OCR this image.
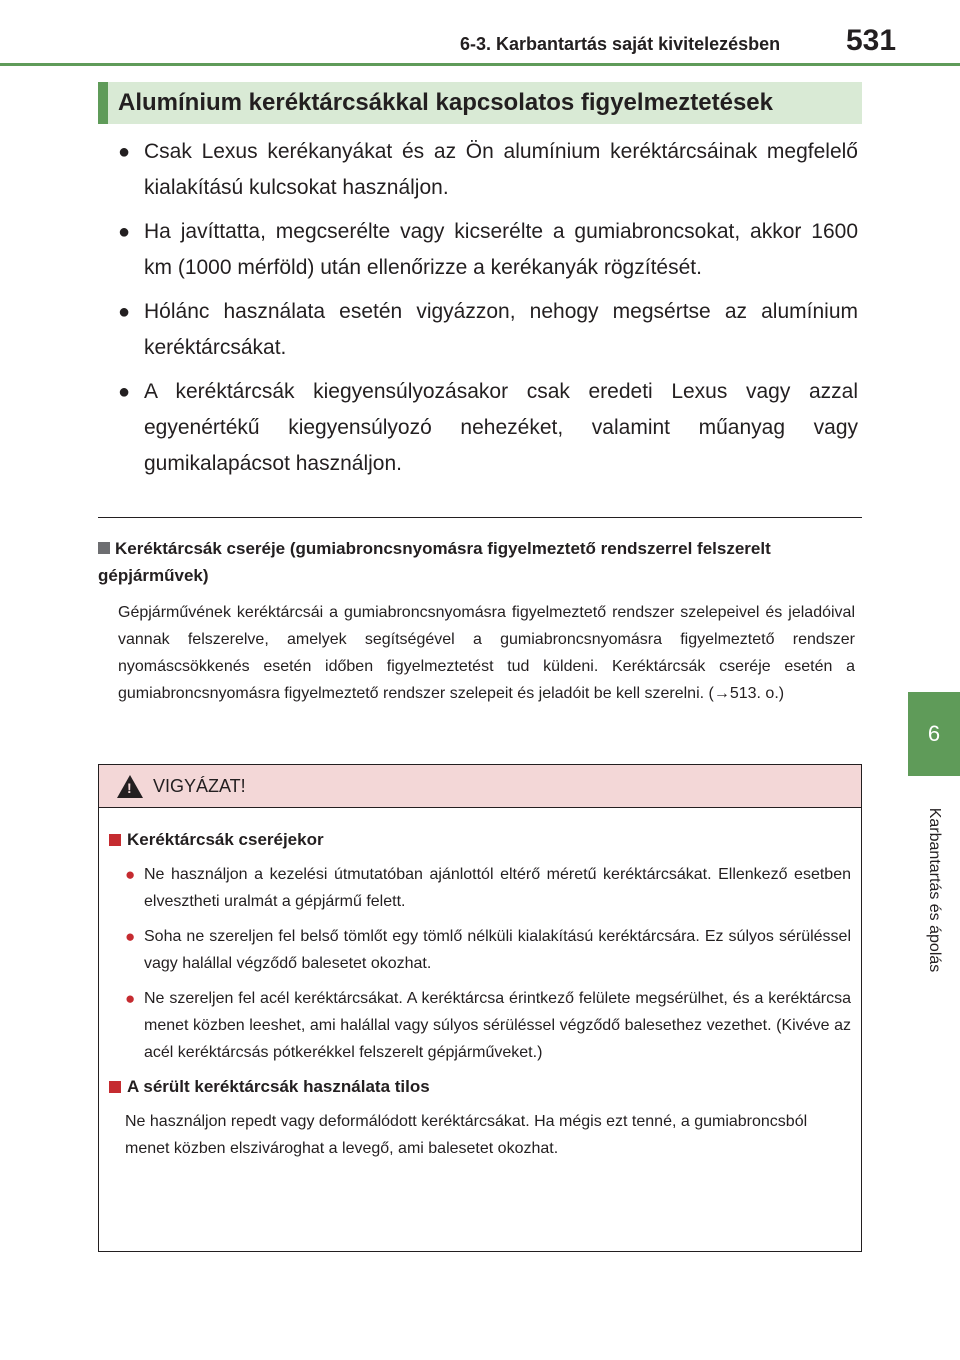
6-3. Karbantartás saját kivitelezésben 531
6
Karbantartás és ápolás
Alumínium keréktárcsákkal kapcsolatos figyelmeztetések
● Csak Lexus kerékanyákat és az Ön alumínium keréktárcsáinak megfelelő kialakítású kulcsokat használjon.
● Ha javíttatta, megcserélte vagy kicserélte a gumiabroncsokat, akkor 1600 km (1000 mérföld) után ellenőrizze a kerékanyák rögzítését.
● Hólánc használata esetén vigyázzon, nehogy megsértse az alumínium keréktárcsákat.
● A keréktárcsák kiegyensúlyozásakor csak eredeti Lexus vagy azzal egyenértékű kiegyensúlyozó nehezéket, valamint műanyag vagy gumikalapácsot használjon.
Keréktárcsák cseréje (gumiabroncsnyomásra figyelmeztető rendszerrel felszerelt gépjárművek)
Gépjárművének keréktárcsái a gumiabroncsnyomásra figyelmeztető rendszer szelepeivel és jeladóival vannak felszerelve, amelyek segítségével a gumiabroncsnyomásra figyelmeztető rendszer nyomáscsökkenés esetén időben figyelmeztetést tud küldeni. Keréktárcsák cseréje esetén a gumiabroncsnyomásra figyelmeztető rendszer szelepeit és jeladóit be kell szerelni. (→513. o.)
!
VIGYÁZAT!
Keréktárcsák cseréjekor
● Ne használjon a kezelési útmutatóban ajánlottól eltérő méretű keréktárcsákat. Ellenkező esetben elvesztheti uralmát a gépjármű felett.
● Soha ne szereljen fel belső tömlőt egy tömlő nélküli kialakítású keréktárcsára. Ez súlyos sérüléssel vagy halállal végződő balesetet okozhat.
● Ne szereljen fel acél keréktárcsákat. A keréktárcsa érintkező felülete megsérülhet, és a keréktárcsa menet közben leeshet, ami halállal vagy súlyos sérüléssel végződő balesethez vezethet. (Kivéve az acél keréktárcsás pótkerékkel felszerelt gépjárműveket.)
A sérült keréktárcsák használata tilos

Ne használjon repedt vagy deformálódott keréktárcsákat. Ha mégis ezt tenné, a gumiabroncsból menet közben elszivároghat a levegő, ami balesetet okozhat.
